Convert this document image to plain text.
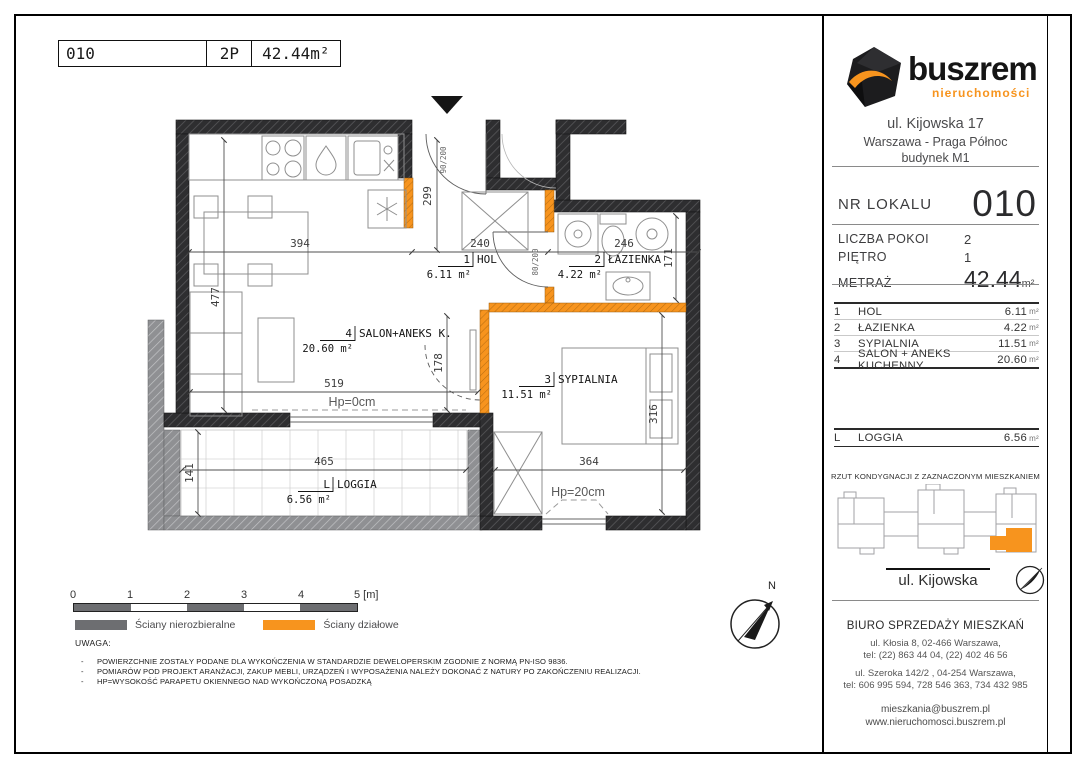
010	2P	42.44m²
394	240	246
299
171
477
519
178
316
465
141
364
Hp=0cm
Hp=20cm
90/200
80/200
1 HOL
6.11 m²
2 ŁAZIENKA
4.22 m²
3 SYPIALNIA
11.51 m²
4 SALON+ANEKS K.
20.60 m²
L LOGGIA
6.56 m²
N
0	1	2	3	4	5 [m]
Ściany nierozbieralne	Ściany działowe
UWAGA:
- POWIERZCHNIE ZOSTAŁY PODANE DLA WYKOŃCZENIA W STANDARDZIE DEWELOPERSKIM ZGODNIE Z NORMĄ PN-ISO 9836.
- POMIARÓW POD PROJEKT ARANŻACJI, ZAKUP MEBLI, URZĄDZEŃ I WYPOSAŻENIA NALEŻY DOKONAĆ Z NATURY PO ZAKOŃCZENIU REALIZACJI.
- HP=WYSOKOŚĆ PARAPETU OKIENNEGO NAD WYKOŃCZONĄ POSADZKĄ
buszrem
nieruchomości
ul. Kijowska 17
Warszawa - Praga Północ
budynek M1
NR LOKALU 010
LICZBA POKOI	2
PIĘTRO	1
METRAŻ	42.44m²
1	HOL	6.11 m²
2	ŁAZIENKA	4.22 m²
3	SYPIALNIA	11.51 m²
4	SALON + ANEKS KUCHENNY	20.60 m²
L	LOGGIA	6.56 m²
RZUT KONDYGNACJI Z ZAZNACZONYM MIESZKANIEM
ul. Kijowska
BIURO SPRZEDAŻY MIESZKAŃ
ul. Kłosia 8, 02-466 Warszawa,
tel: (22) 863 44 04, (22) 402 46 56
ul. Szeroka 142/2 , 04-254 Warszawa,
tel: 606 995 594, 728 546 363, 734 432 985
mieszkania@buszrem.pl
www.nieruchomosci.buszrem.pl
